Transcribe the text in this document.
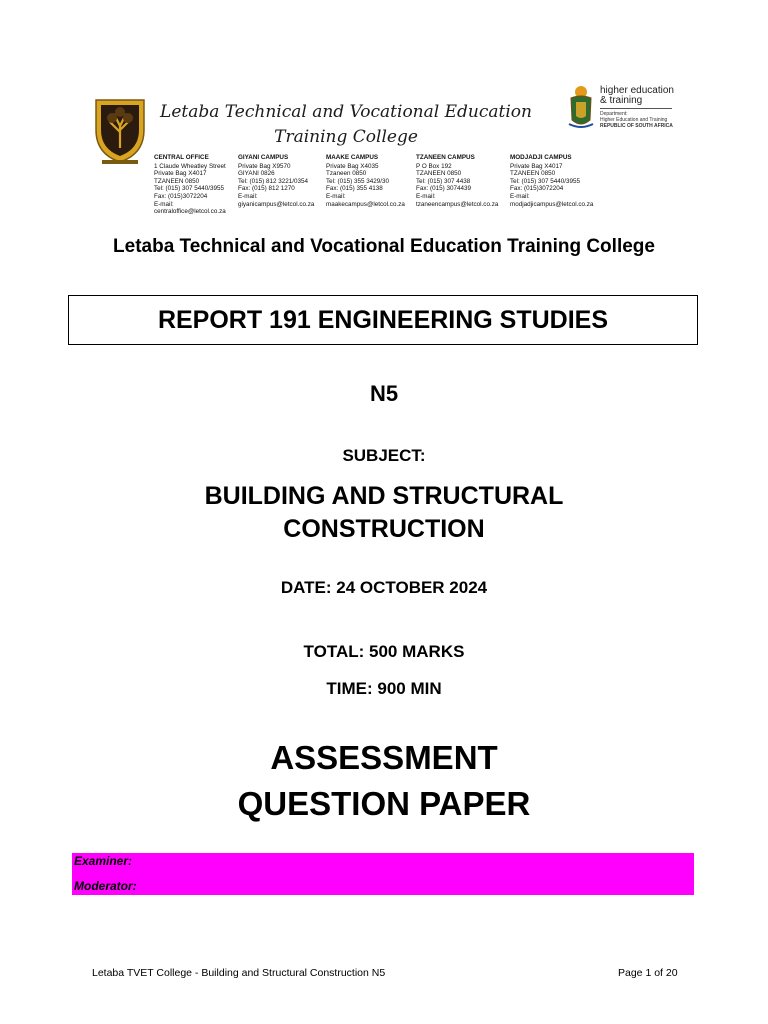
Letaba Technical and Vocational Education
Training College
higher education
& training
Department:
Higher Education and Training
REPUBLIC OF SOUTH AFRICA
CENTRAL OFFICE
1 Claude Wheatley Street
Private Bag X4017
TZANEEN 0850
Tel: (015) 307 5440/3955
Fax: (015)3072204
E-mail:
centraloffice@letcol.co.za
GIYANI CAMPUS
Private Bag X9570
GIYANI 0826
Tel: (015) 812 3221/0354
Fax: (015) 812 1270
E-mail:
giyanicampus@letcol.co.za
MAAKE CAMPUS
Private Bag X4035
Tzaneen 0850
Tel: (015) 355 3429/30
Fax: (015) 355 4138
E-mail:
maakecampus@letcol.co.za
TZANEEN CAMPUS
P O Box 192
TZANEEN 0850
Tel: (015) 307 4438
Fax: (015) 3074439
E-mail:
tzaneencampus@letcol.co.za
MODJADJI CAMPUS
Private Bag X4017
TZANEEN 0850
Tel: (015) 307 5440/3955
Fax: (015)3072204
E-mail:
modjadjicampus@letcol.co.za
Letaba Technical and Vocational Education Training College
REPORT 191 ENGINEERING STUDIES
N5
SUBJECT:
BUILDING AND STRUCTURAL
CONSTRUCTION
DATE: 24 OCTOBER 2024
TOTAL: 500 MARKS
TIME: 900 MIN
ASSESSMENT
QUESTION PAPER
Examiner:
Moderator:
Letaba TVET College - Building and Structural Construction N5	Page 1 of 20
